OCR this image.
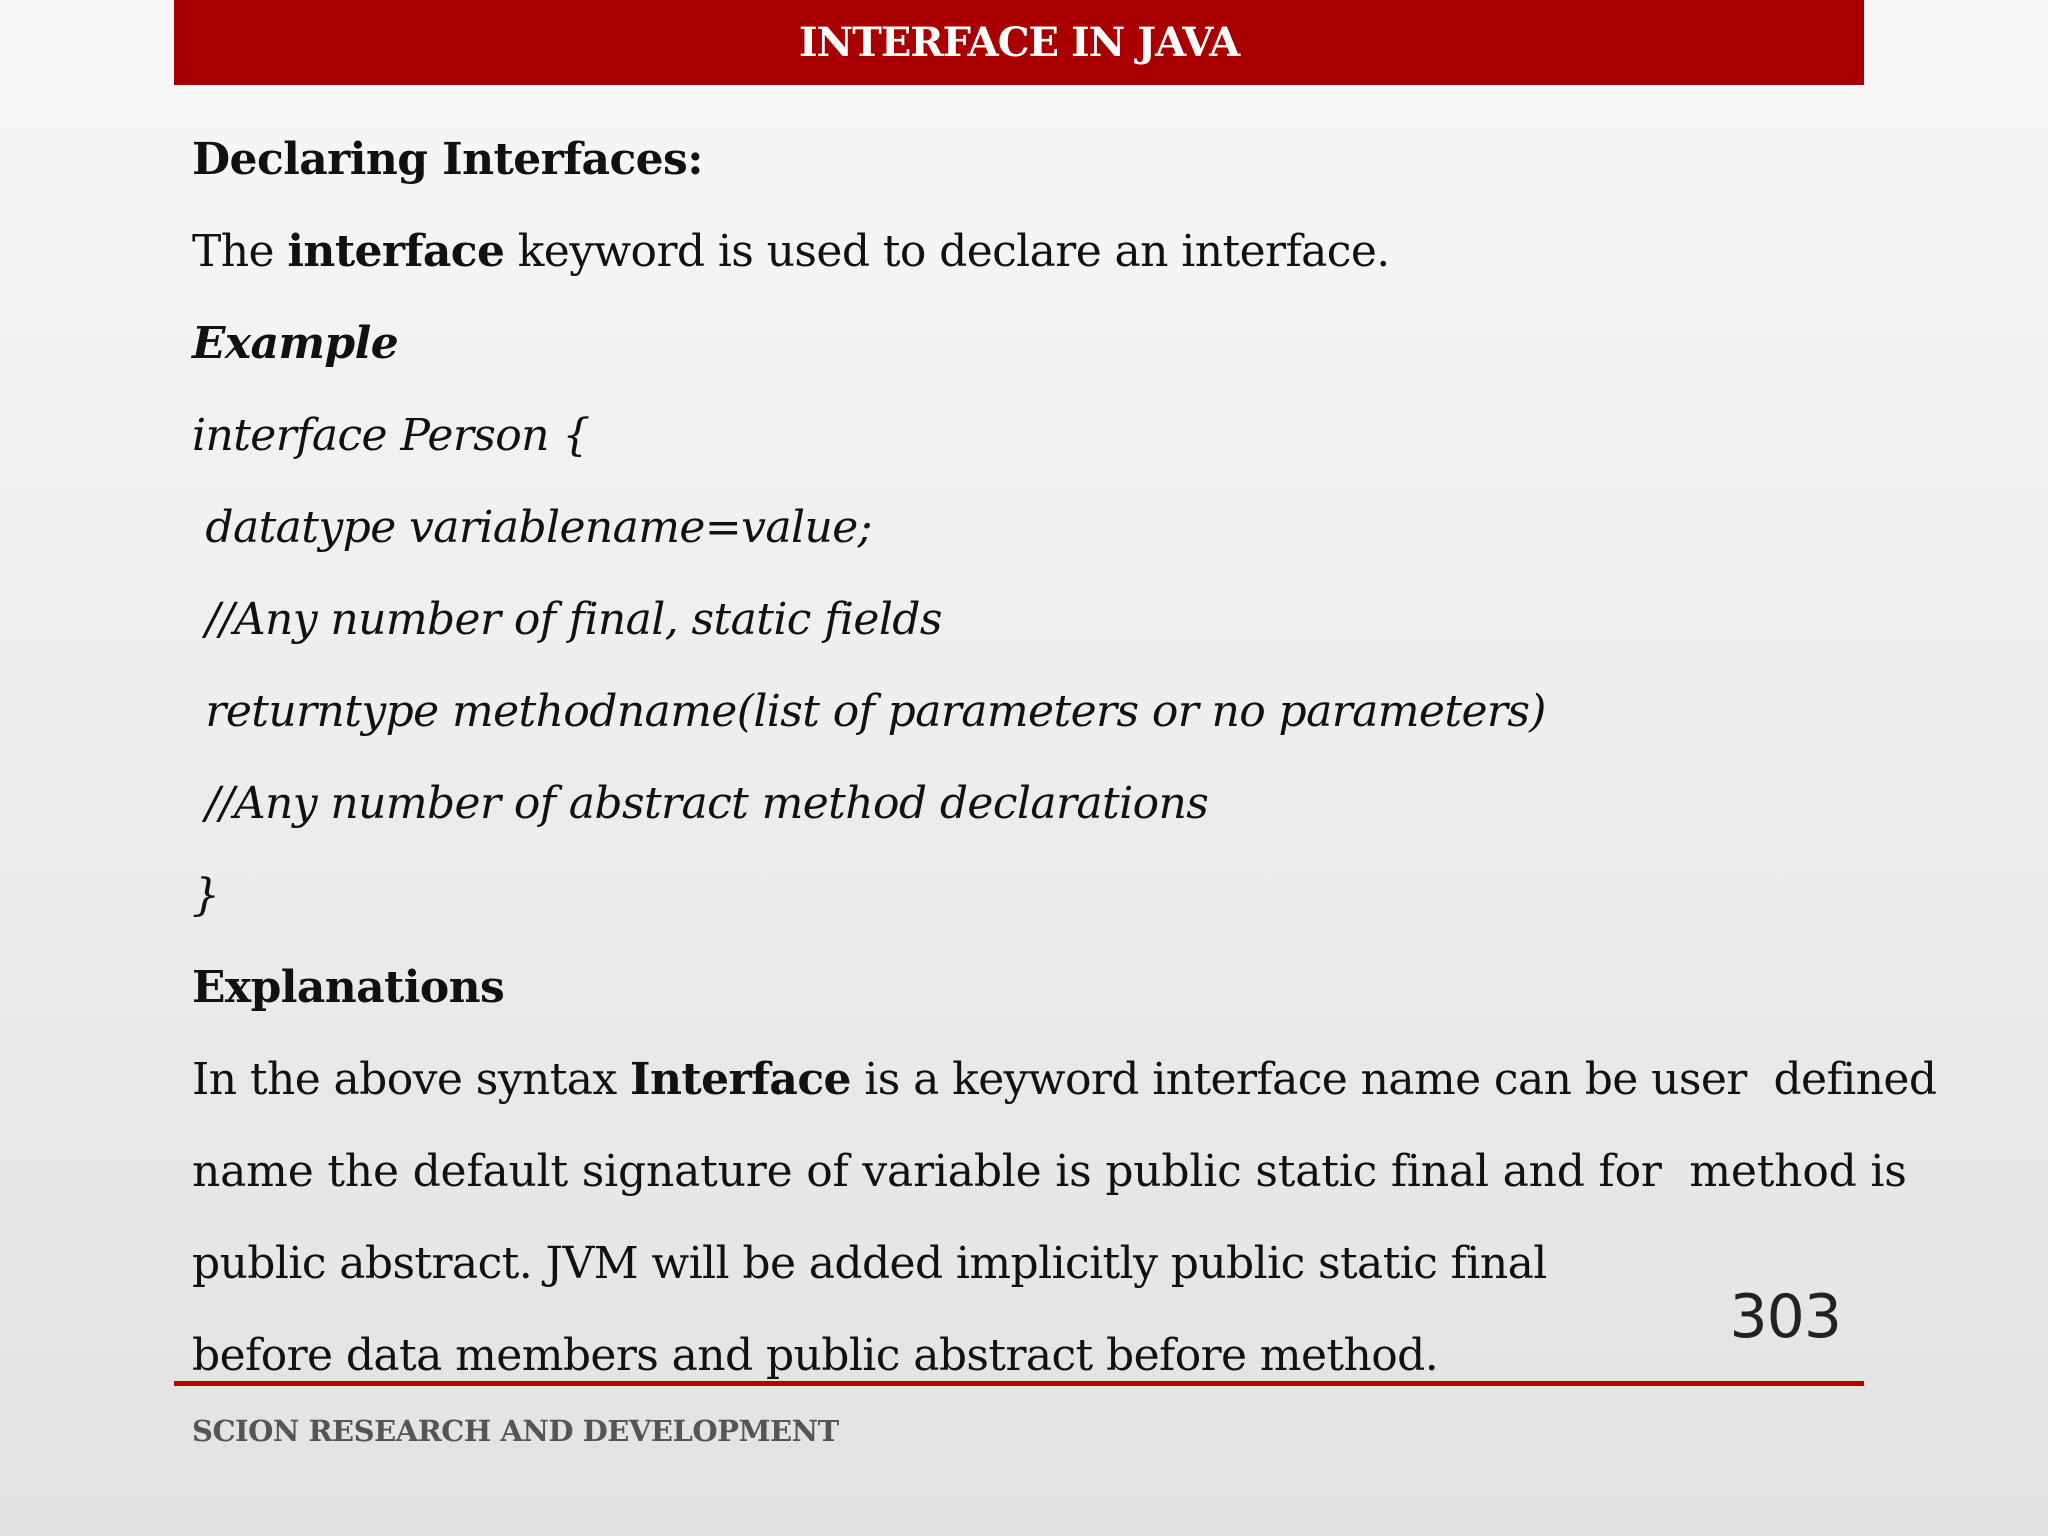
INTERFACE IN JAVA
Declaring Interfaces:
The interface keyword is used to declare an interface.
Example
interface Person {
datatype variablename=value;
//Any number of final, static fields
returntype methodname(list of parameters or no parameters)
//Any number of abstract method declarations
}
Explanations
In the above syntax Interface is a keyword interface name can be user  defined
name the default signature of variable is public static final and for  method is
public abstract. JVM will be added implicitly public static final
before data members and public abstract before method.
303
SCION RESEARCH AND DEVELOPMENT
